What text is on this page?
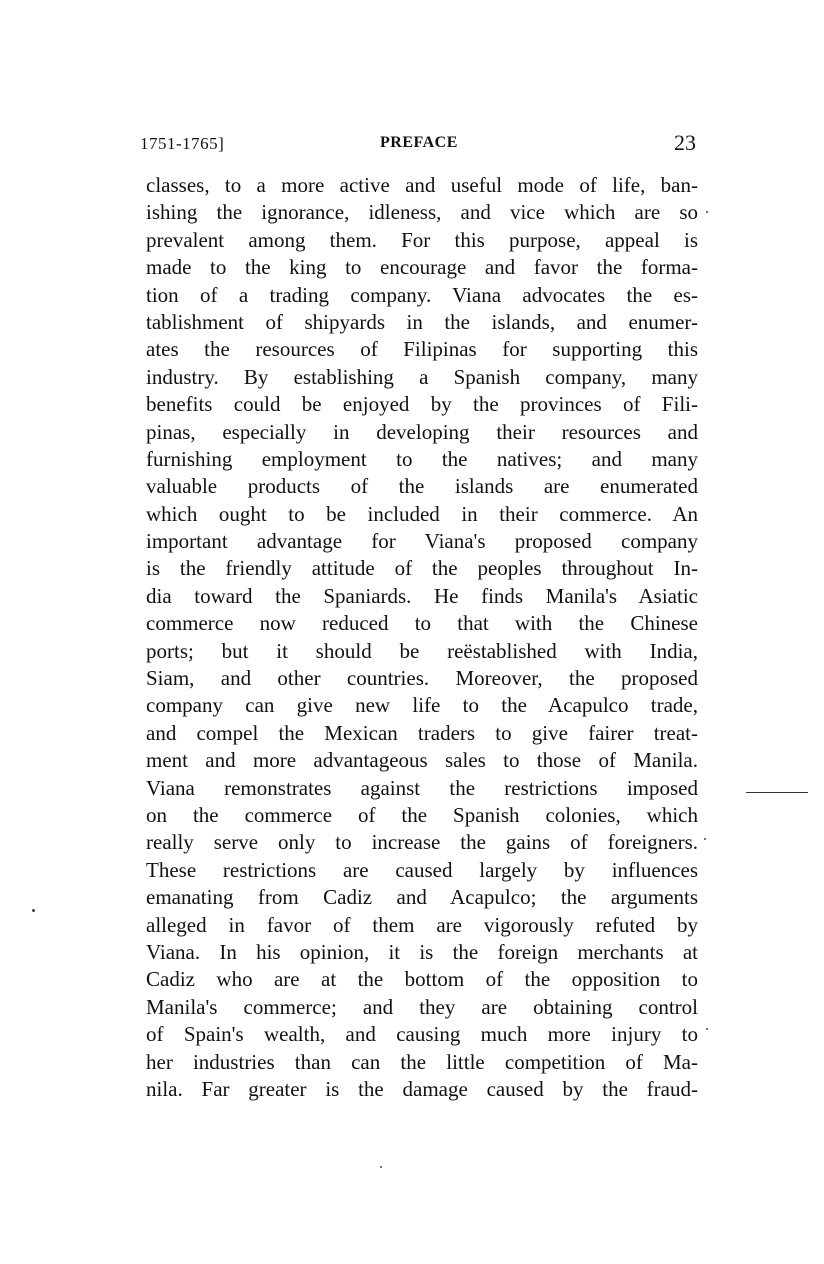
1751-1765]	PREFACE	23
classes, to a more active and useful mode of life, ban-
ishing the ignorance, idleness, and vice which are so
prevalent among them. For this purpose, appeal is
made to the king to encourage and favor the forma-
tion of a trading company. Viana advocates the es-
tablishment of shipyards in the islands, and enumer-
ates the resources of Filipinas for supporting this
industry. By establishing a Spanish company, many
benefits could be enjoyed by the provinces of Fili-
pinas, especially in developing their resources and
furnishing employment to the natives; and many
valuable products of the islands are enumerated
which ought to be included in their commerce. An
important advantage for Viana's proposed company
is the friendly attitude of the peoples throughout In-
dia toward the Spaniards. He finds Manila's Asiatic
commerce now reduced to that with the Chinese
ports; but it should be reëstablished with India,
Siam, and other countries. Moreover, the proposed
company can give new life to the Acapulco trade,
and compel the Mexican traders to give fairer treat-
ment and more advantageous sales to those of Manila.
Viana remonstrates against the restrictions imposed
on the commerce of the Spanish colonies, which
really serve only to increase the gains of foreigners.
These restrictions are caused largely by influences
emanating from Cadiz and Acapulco; the arguments
alleged in favor of them are vigorously refuted by
Viana. In his opinion, it is the foreign merchants at
Cadiz who are at the bottom of the opposition to
Manila's commerce; and they are obtaining control
of Spain's wealth, and causing much more injury to
her industries than can the little competition of Ma-
nila. Far greater is the damage caused by the fraud-
